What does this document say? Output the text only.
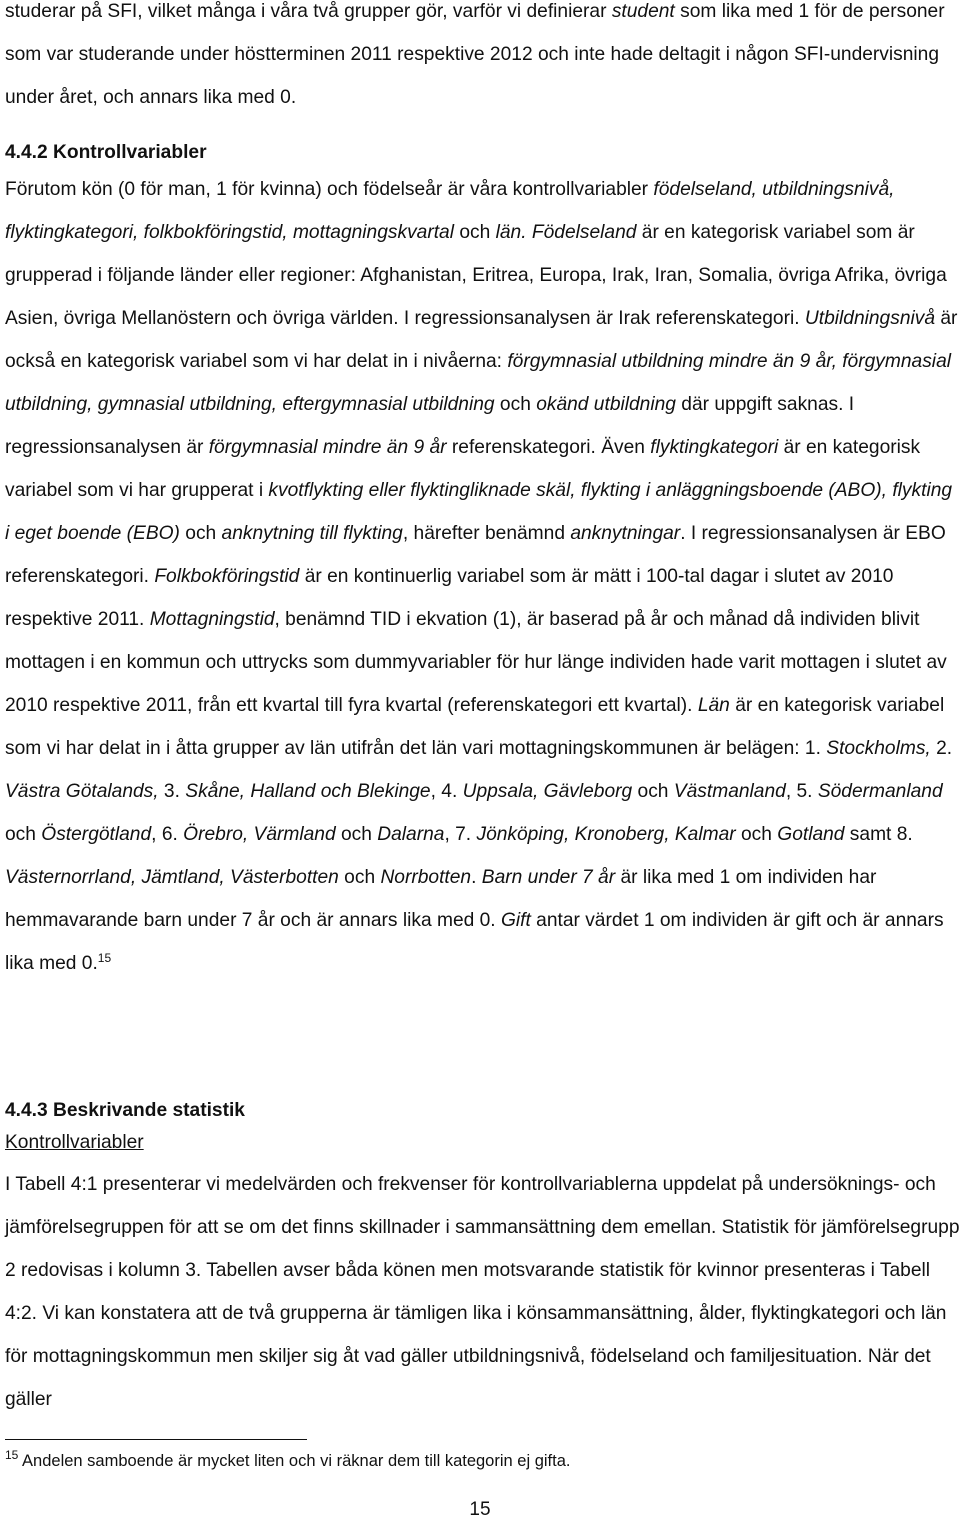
studerar på SFI, vilket många i våra två grupper gör, varför vi definierar student som lika med 1 för de personer som var studerande under höstterminen 2011 respektive 2012 och inte hade deltagit i någon SFI-undervisning under året, och annars lika med 0.

4.4.2 Kontrollvariabler

Förutom kön (0 för man, 1 för kvinna) och födelseår är våra kontrollvariabler födelseland, utbildningsnivå, flyktingkategori, folkbokföringstid, mottagningskvartal och län. Födelseland är en kategorisk variabel som är grupperad i följande länder eller regioner: Afghanistan, Eritrea, Europa, Irak, Iran, Somalia, övriga Afrika, övriga Asien, övriga Mellanöstern och övriga världen. I regressionsanalysen är Irak referenskategori. Utbildningsnivå är också en kategorisk variabel som vi har delat in i nivåerna: förgymnasial utbildning mindre än 9 år, förgymnasial utbildning, gymnasial utbildning, eftergymnasial utbildning och okänd utbildning där uppgift saknas. I regressionsanalysen är förgymnasial mindre än 9 år referenskategori. Även flyktingkategori är en kategorisk variabel som vi har grupperat i kvotflykting eller flyktingliknade skäl, flykting i anläggningsboende (ABO), flykting i eget boende (EBO) och anknytning till flykting, härefter benämnd anknytningar. I regressionsanalysen är EBO referenskategori. Folkbokföringstid är en kontinuerlig variabel som är mätt i 100-tal dagar i slutet av 2010 respektive 2011. Mottagningstid, benämnd TID i ekvation (1), är baserad på år och månad då individen blivit mottagen i en kommun och uttrycks som dummyvariabler för hur länge individen hade varit mottagen i slutet av 2010 respektive 2011, från ett kvartal till fyra kvartal (referenskategori ett kvartal). Län är en kategorisk variabel som vi har delat in i åtta grupper av län utifrån det län vari mottagningskommunen är belägen: 1. Stockholms, 2. Västra Götalands, 3. Skåne, Halland och Blekinge, 4. Uppsala, Gävleborg och Västmanland, 5. Södermanland och Östergötland, 6. Örebro, Värmland och Dalarna, 7. Jönköping, Kronoberg, Kalmar och Gotland samt 8. Västernorrland, Jämtland, Västerbotten och Norrbotten. Barn under 7 år är lika med 1 om individen har hemmavarande barn under 7 år och är annars lika med 0. Gift antar värdet 1 om individen är gift och är annars lika med 0.15

4.4.3 Beskrivande statistik
Kontrollvariabler

I Tabell 4:1 presenterar vi medelvärden och frekvenser för kontrollvariablerna uppdelat på undersöknings- och jämförelsegruppen för att se om det finns skillnader i sammansättning dem emellan. Statistik för jämförelsegrupp 2 redovisas i kolumn 3. Tabellen avser båda könen men motsvarande statistik för kvinnor presenteras i Tabell 4:2. Vi kan konstatera att de två grupperna är tämligen lika i könsammansättning, ålder, flyktingkategori och län för mottagningskommun men skiljer sig åt vad gäller utbildningsnivå, födelseland och familjesituation. När det gäller

$^{15}$ Andelen samboende är mycket liten och vi räknar dem till kategorin ej gifta.

15
